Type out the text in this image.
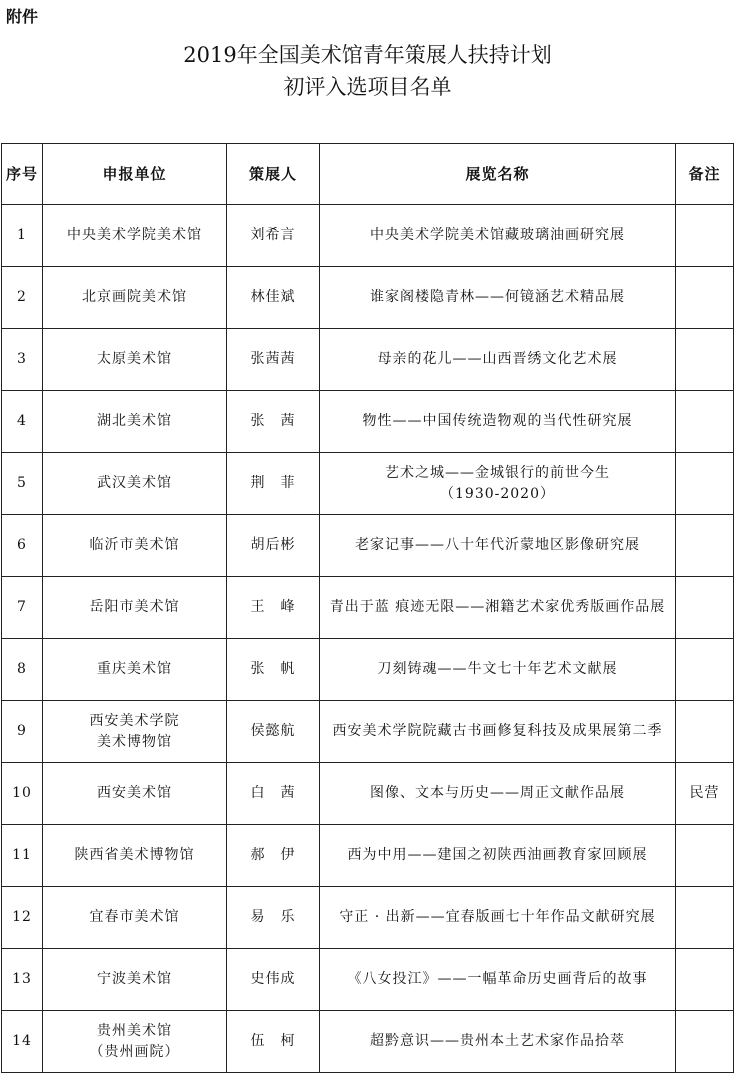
附件
2019年全国美术馆青年策展人扶持计划
初评入选项目名单
序号	申报单位	策展人	展览名称	备注
1	中央美术学院美术馆	刘希言	中央美术学院美术馆藏玻璃油画研究展	
2	北京画院美术馆	林佳斌	谁家阁楼隐青林——何镜涵艺术精品展	
3	太原美术馆	张茜茜	母亲的花儿——山西晋绣文化艺术展	
4	湖北美术馆	张　茜	物性——中国传统造物观的当代性研究展	
5	武汉美术馆	荆　菲	艺术之城——金城银行的前世今生
（1930-2020）	
6	临沂市美术馆	胡后彬	老家记事——八十年代沂蒙地区影像研究展	
7	岳阳市美术馆	王　峰	青出于蓝 痕迹无限——湘籍艺术家优秀版画作品展	
8	重庆美术馆	张　帆	刀刻铸魂——牛文七十年艺术文献展	
9	西安美术学院
美术博物馆	侯懿航	西安美术学院院藏古书画修复科技及成果展第二季	
10	西安美术馆	白　茜	图像、文本与历史——周正文献作品展	民营
11	陕西省美术博物馆	郝　伊	西为中用——建国之初陕西油画教育家回顾展	
12	宜春市美术馆	易　乐	守正 · 出新——宜春版画七十年作品文献研究展	
13	宁波美术馆	史伟成	《八女投江》——一幅革命历史画背后的故事	
14	贵州美术馆
（贵州画院）	伍　柯	超黔意识——贵州本土艺术家作品拾萃	
